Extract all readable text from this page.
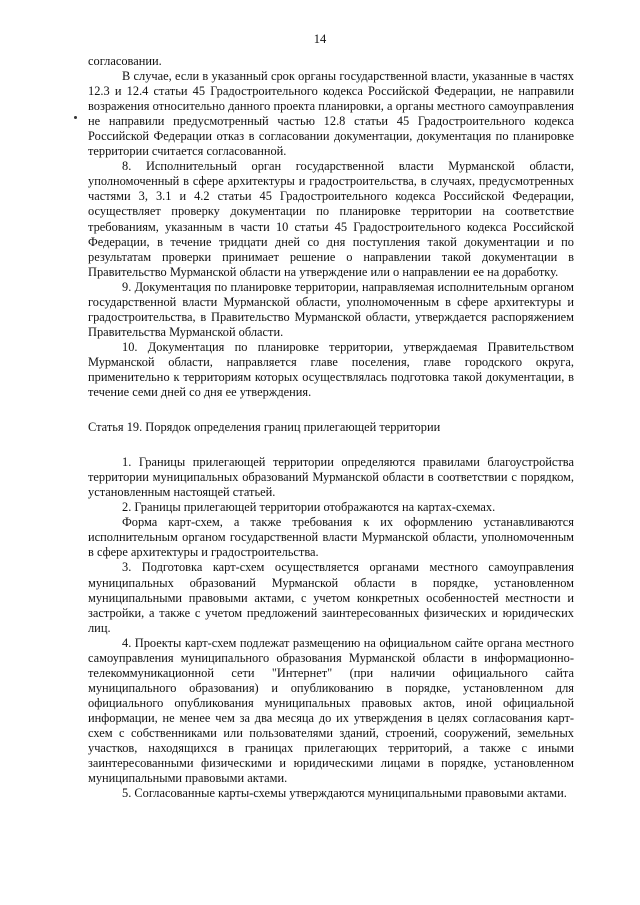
14

согласовании.

В случае, если в указанный срок органы государственной власти, указанные в частях 12.3 и 12.4 статьи 45 Градостроительного кодекса Российской Федерации, не направили возражения относительно данного проекта планировки, а органы местного самоуправления не направили предусмотренный частью 12.8 статьи 45 Градостроительного кодекса Российской Федерации отказ в согласовании документации, документация по планировке территории считается согласованной.

8. Исполнительный орган государственной власти Мурманской области, уполномоченный в сфере архитектуры и градостроительства, в случаях, предусмотренных частями 3, 3.1 и 4.2 статьи 45 Градостроительного кодекса Российской Федерации, осуществляет проверку документации по планировке территории на соответствие требованиям, указанным в части 10 статьи 45 Градостроительного кодекса Российской Федерации, в течение тридцати дней со дня поступления такой документации и по результатам проверки принимает решение о направлении такой документации в Правительство Мурманской области на утверждение или о направлении ее на доработку.

9. Документация по планировке территории, направляемая исполнительным органом государственной власти Мурманской области, уполномоченным в сфере архитектуры и градостроительства, в Правительство Мурманской области, утверждается распоряжением Правительства Мурманской области.

10. Документация по планировке территории, утверждаемая Правительством Мурманской области, направляется главе поселения, главе городского округа, применительно к территориям которых осуществлялась подготовка такой документации, в течение семи дней со дня ее утверждения.

Статья 19. Порядок определения границ прилегающей территории

1. Границы прилегающей территории определяются правилами благоустройства территории муниципальных образований Мурманской области в соответствии с порядком, установленным настоящей статьей.

2. Границы прилегающей территории отображаются на картах-схемах.

Форма карт-схем, а также требования к их оформлению устанавливаются исполнительным органом государственной власти Мурманской области, уполномоченным в сфере архитектуры и градостроительства.

3. Подготовка карт-схем осуществляется органами местного самоуправления муниципальных образований Мурманской области в порядке, установленном муниципальными правовыми актами, с учетом конкретных особенностей местности и застройки, а также с учетом предложений заинтересованных физических и юридических лиц.

4. Проекты карт-схем подлежат размещению на официальном сайте органа местного самоуправления муниципального образования Мурманской области в информационно-телекоммуникационной сети "Интернет" (при наличии официального сайта муниципального образования) и опубликованию в порядке, установленном для официального опубликования муниципальных правовых актов, иной официальной информации, не менее чем за два месяца до их утверждения в целях согласования карт-схем с собственниками или пользователями зданий, строений, сооружений, земельных участков, находящихся в границах прилегающих территорий, а также с иными заинтересованными физическими и юридическими лицами в порядке, установленном муниципальными правовыми актами.

5. Согласованные карты-схемы утверждаются муниципальными правовыми актами.
